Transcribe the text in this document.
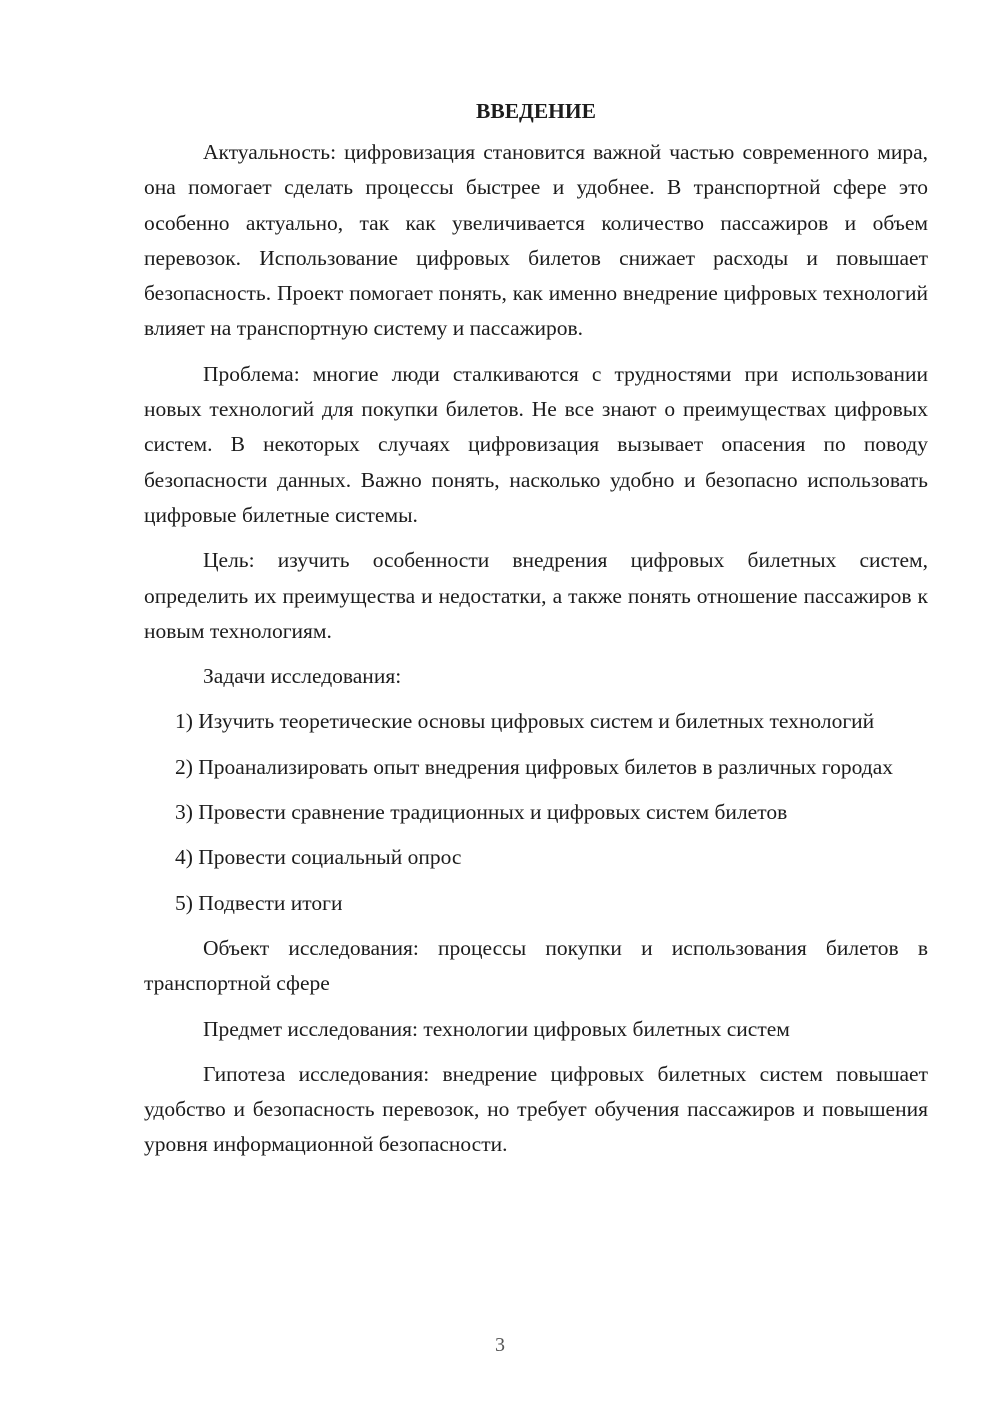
ВВЕДЕНИЕ

Актуальность: цифровизация становится важной частью современного мира, она помогает сделать процессы быстрее и удобнее. В транспортной сфере это особенно актуально, так как увеличивается количество пассажиров и объем перевозок. Использование цифровых билетов снижает расходы и повышает безопасность. Проект помогает понять, как именно внедрение цифровых технологий влияет на транспортную систему и пассажиров.

Проблема: многие люди сталкиваются с трудностями при использовании новых технологий для покупки билетов. Не все знают о преимуществах цифровых систем. В некоторых случаях цифровизация вызывает опасения по поводу безопасности данных. Важно понять, насколько удобно и безопасно использовать цифровые билетные системы.

Цель: изучить особенности внедрения цифровых билетных систем, определить их преимущества и недостатки, а также понять отношение пассажиров к новым технологиям.

Задачи исследования:

1) Изучить теоретические основы цифровых систем и билетных технологий

2) Проанализировать опыт внедрения цифровых билетов в различных городах

3) Провести сравнение традиционных и цифровых систем билетов

4) Провести социальный опрос

5) Подвести итоги

Объект исследования: процессы покупки и использования билетов в транспортной сфере

Предмет исследования: технологии цифровых билетных систем

Гипотеза исследования: внедрение цифровых билетных систем повышает удобство и безопасность перевозок, но требует обучения пассажиров и повышения уровня информационной безопасности.

3
